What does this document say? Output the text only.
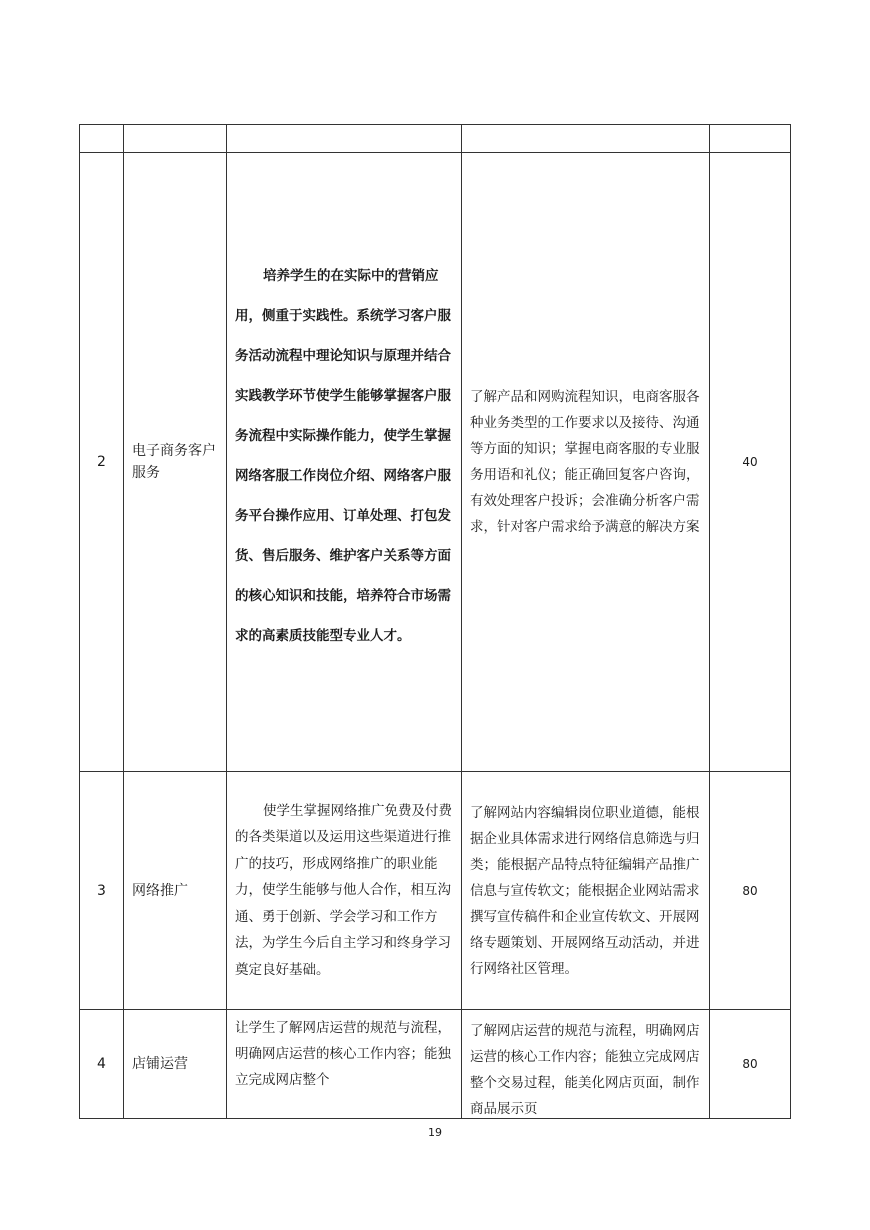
2	电子商务客户服务	培养学生的在实际中的营销应用，侧重于实践性。系统学习客户服务活动流程中理论知识与原理并结合实践教学环节使学生能够掌握客户服务流程中实际操作能力，使学生掌握网络客服工作岗位介绍、网络客户服务平台操作应用、订单处理、打包发货、售后服务、维护客户关系等方面的核心知识和技能，培养符合市场需求的高素质技能型专业人才。	了解产品和网购流程知识，电商客服各种业务类型的工作要求以及接待、沟通等方面的知识；掌握电商客服的专业服务用语和礼仪；能正确回复客户咨询，有效处理客户投诉；会准确分析客户需求，针对客户需求给予满意的解决方案	40
3	网络推广	使学生掌握网络推广免费及付费的各类渠道以及运用这些渠道进行推广的技巧，形成网络推广的职业能力，使学生能够与他人合作，相互沟通、勇于创新、学会学习和工作方法，为学生今后自主学习和终身学习奠定良好基础。	了解网站内容编辑岗位职业道德，能根据企业具体需求进行网络信息筛选与归类；能根据产品特点特征编辑产品推广信息与宣传软文；能根据企业网站需求撰写宣传稿件和企业宣传软文、开展网络专题策划、开展网络互动活动，并进行网络社区管理。	80
4	店铺运营	让学生了解网店运营的规范与流程，明确网店运营的核心工作内容；能独立完成网店整个	了解网店运营的规范与流程，明确网店运营的核心工作内容；能独立完成网店整个交易过程，能美化网店页面，制作商品展示页	80
19
